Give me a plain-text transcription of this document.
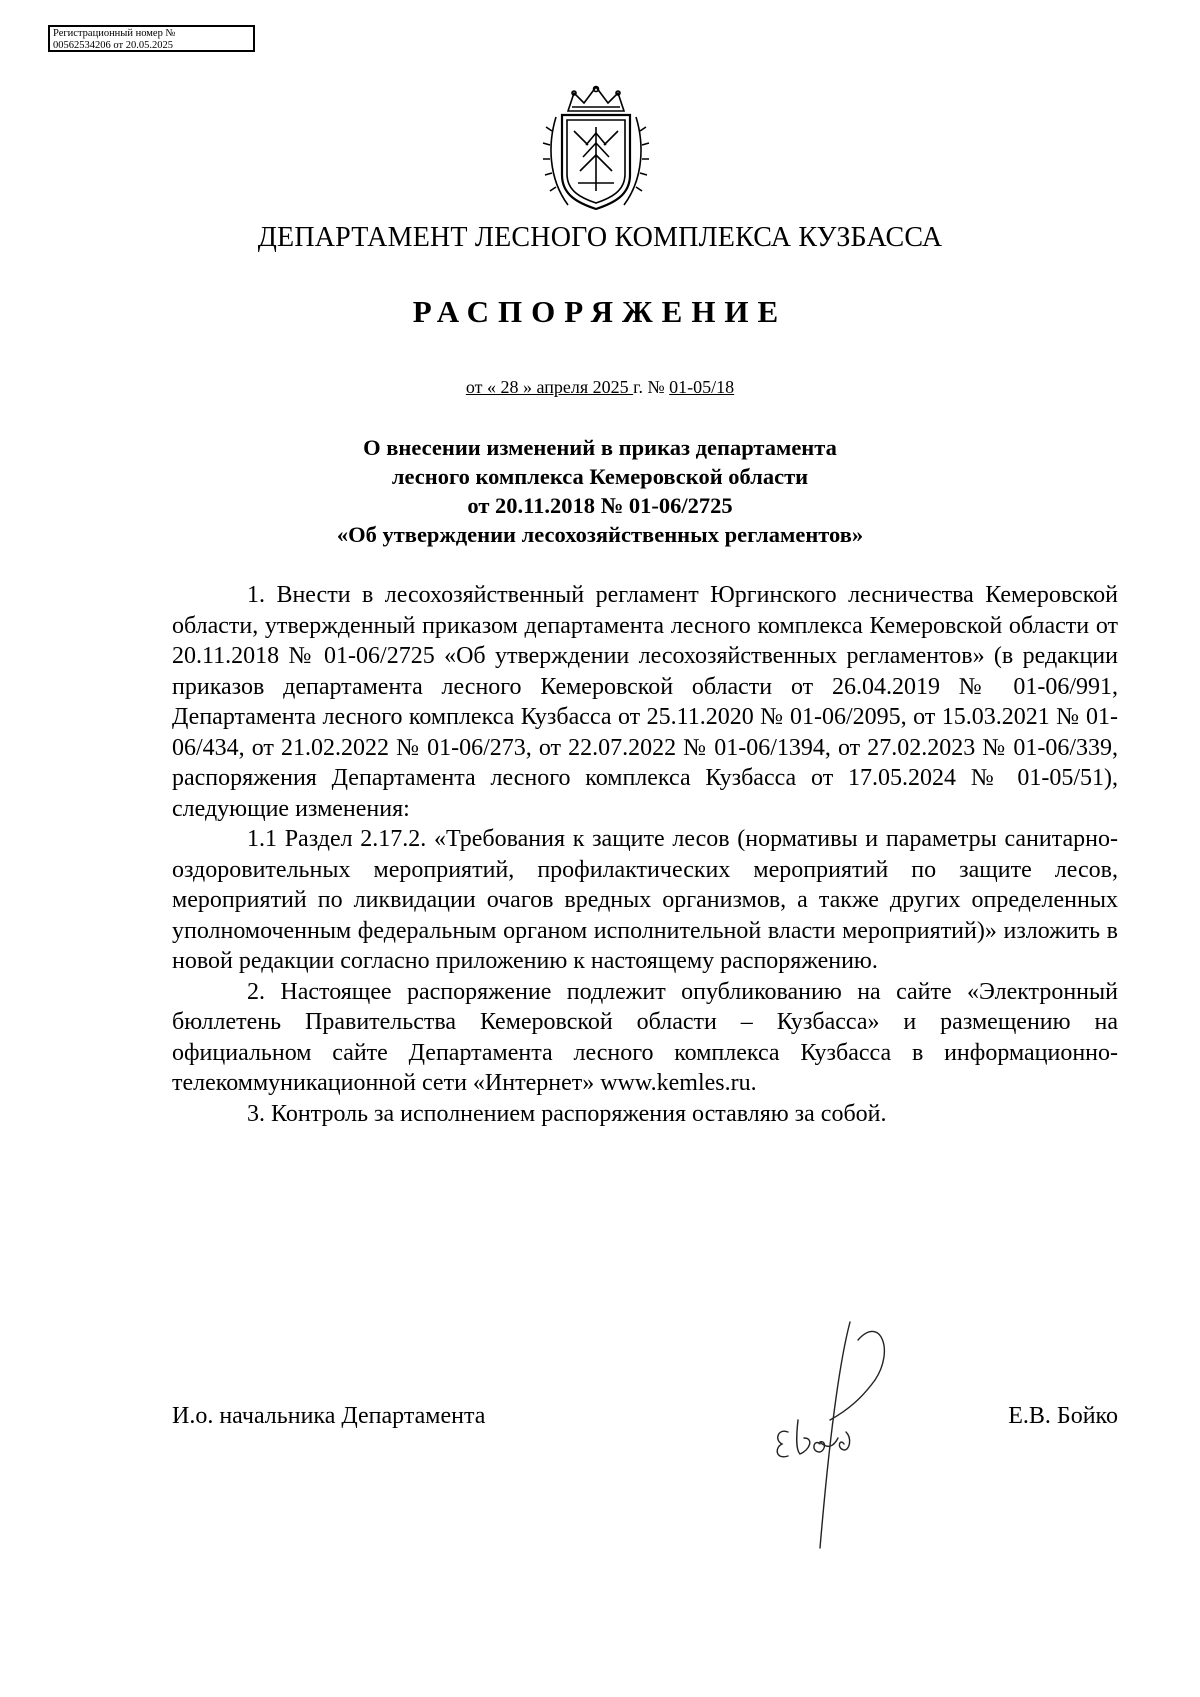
Регистрационный номер №
00562534206 от 20.05.2025
ДЕПАРТАМЕНТ ЛЕСНОГО КОМПЛЕКСА КУЗБАССА
РАСПОРЯЖЕНИЕ
от « 28 » апреля 2025 г. № 01-05/18
О внесении изменений в приказ департамента
лесного комплекса Кемеровской области
от 20.11.2018 № 01-06/2725
«Об утверждении лесохозяйственных регламентов»

1. Внести в лесохозяйственный регламент Юргинского лесничества Кемеровской области, утвержденный приказом департамента лесного комплекса Кемеровской области от 20.11.2018 № 01-06/2725 «Об утверждении лесохозяйственных регламентов» (в редакции приказов департамента лесного Кемеровской области от 26.04.2019 № 01-06/991, Департамента лесного комплекса Кузбасса от 25.11.2020 № 01-06/2095, от 15.03.2021 № 01-06/434, от 21.02.2022 № 01-06/273, от 22.07.2022 № 01-06/1394, от 27.02.2023 № 01-06/339, распоряжения Департамента лесного комплекса Кузбасса от 17.05.2024 № 01-05/51), следующие изменения:

1.1 Раздел 2.17.2. «Требования к защите лесов (нормативы и параметры санитарно-оздоровительных мероприятий, профилактических мероприятий по защите лесов, мероприятий по ликвидации очагов вредных организмов, а также других определенных уполномоченным федеральным органом исполнительной власти мероприятий)» изложить в новой редакции согласно приложению к настоящему распоряжению.

2. Настоящее распоряжение подлежит опубликованию на сайте «Электронный бюллетень Правительства Кемеровской области – Кузбасса» и размещению на официальном сайте Департамента лесного комплекса Кузбасса в информационно-телекоммуникационной сети «Интернет» www.kemles.ru.

3. Контроль за исполнением распоряжения оставляю за собой.

И.о. начальника Департамента	Е.В. Бойко
